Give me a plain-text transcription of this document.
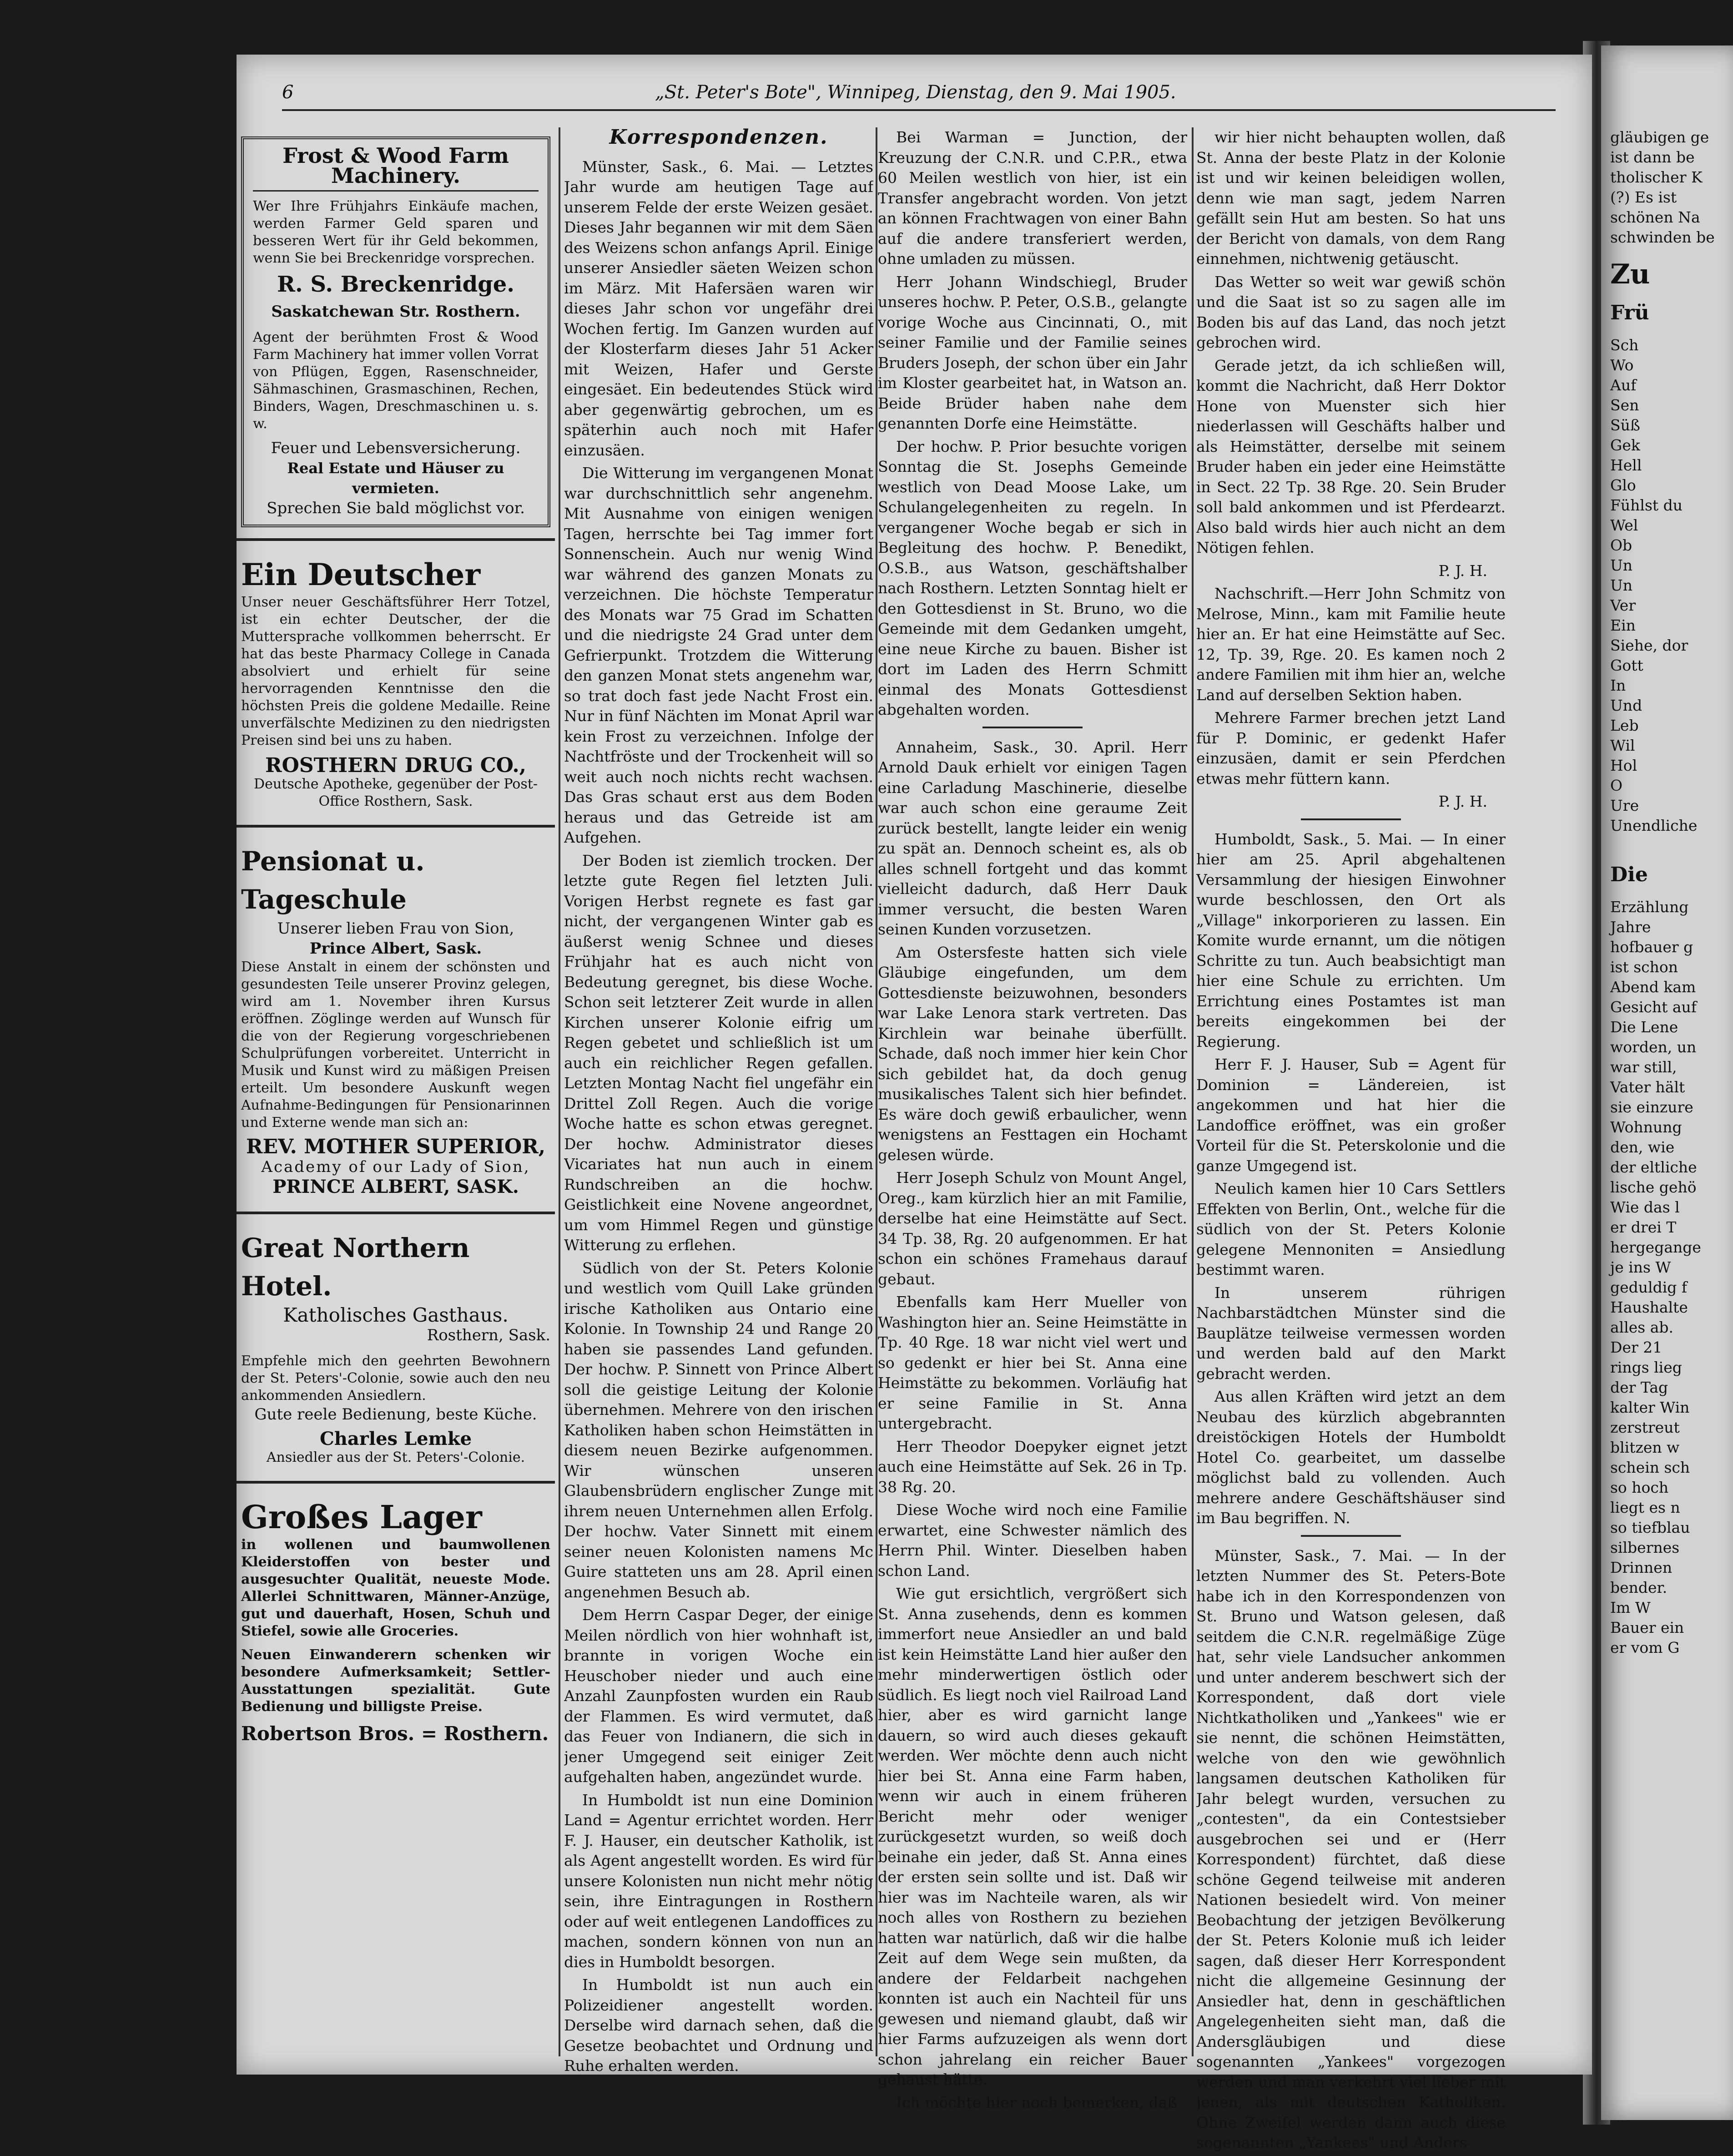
gläubigen ge
ist dann be
tholischer K
(?) Es ist
schönen Na
schwinden be
Zu
Frü
Sch
Wo
Auf
Sen
Süß
Gek
Hell
Glo
Fühlst du
Wel
Ob
Un
Un
Ver
Ein
Siehe, dor
Gott
In
Und
Leb
Wil
Hol
O
Ure
Unendliche
Die
Erzählung
Jahre
hofbauer g
ist schon
Abend kam
Gesicht auf
Die Lene
worden, un
war still,
Vater hält
sie einzure
Wohnung
den, wie
der eltliche
lische gehö
Wie das l
er drei T
hergegange
je ins W
geduldig f
Haushalte
alles ab.
Der 21
rings lieg
der Tag
kalter Win
zerstreut
blitzen w
schein sch
so hoch
liegt es n
so tiefblau
silbernes
Drinnen
bender.
Im W
Bauer ein
er vom G
6	„St. Peter's Bote", Winnipeg, Dienstag, den 9. Mai 1905.
Frost & Wood Farm Machinery.
Wer Ihre Frühjahrs Einkäufe machen, werden Farmer Geld sparen und besseren Wert für ihr Geld bekommen, wenn Sie bei Breckenridge vorsprechen.
R. S. Breckenridge.
Saskatchewan Str. Rosthern.
Agent der berühmten Frost & Wood Farm Machinery hat immer vollen Vorrat von Pflügen, Eggen, Rasenschneider, Sähmaschinen, Grasmaschinen, Rechen, Binders, Wagen, Dreschmaschinen u. s. w.
Feuer und Lebensversicherung.
Real Estate und Häuser zu vermieten.
Sprechen Sie bald möglichst vor.
Ein Deutscher
Unser neuer Geschäftsführer Herr Totzel, ist ein echter Deutscher, der die Muttersprache vollkommen beherrscht. Er hat das beste Pharmacy College in Canada absolviert und erhielt für seine hervorragenden Kenntnisse den die höchsten Preis die goldene Medaille. Reine unverfälschte Medizinen zu den niedrigsten Preisen sind bei uns zu haben.
ROSTHERN DRUG CO.,
Deutsche Apotheke, gegenüber der Post-Office Rosthern, Sask.
Pensionat u. Tageschule
Unserer lieben Frau von Sion,
Prince Albert, Sask.
Diese Anstalt in einem der schönsten und gesundesten Teile unserer Provinz gelegen, wird am 1. November ihren Kursus eröffnen. Zöglinge werden auf Wunsch für die von der Regierung vorgeschriebenen Schulprüfungen vorbereitet. Unterricht in Musik und Kunst wird zu mäßigen Preisen erteilt. Um besondere Auskunft wegen Aufnahme-Bedingungen für Pensionarinnen und Externe wende man sich an:
REV. MOTHER SUPERIOR,
Academy of our Lady of Sion,
PRINCE ALBERT, SASK.
Great Northern Hotel.
Katholisches Gasthaus.
Rosthern, Sask.
Empfehle mich den geehrten Bewohnern der St. Peters'-Colonie, sowie auch den neu ankommenden Ansiedlern.
Gute reele Bedienung, beste Küche.
Charles Lemke
Ansiedler aus der St. Peters'-Colonie.
Großes Lager
in wollenen und baumwollenen Kleiderstoffen von bester und ausgesuchter Qualität, neueste Mode. Allerlei Schnittwaren, Männer-Anzüge, gut und dauerhaft, Hosen, Schuh und Stiefel, sowie alle Groceries.
Neuen Einwanderern schenken wir besondere Aufmerksamkeit; Settler-Ausstattungen spezialität. Gute Bedienung und billigste Preise.
Robertson Bros. = Rosthern.
Korrespondenzen.

Münster, Sask., 6. Mai. — Letztes Jahr wurde am heutigen Tage auf unserem Felde der erste Weizen gesäet. Dieses Jahr begannen wir mit dem Säen des Weizens schon anfangs April. Einige unserer Ansiedler säeten Weizen schon im März. Mit Hafersäen waren wir dieses Jahr schon vor ungefähr drei Wochen fertig. Im Ganzen wurden auf der Klosterfarm dieses Jahr 51 Acker mit Weizen, Hafer und Gerste eingesäet. Ein bedeutendes Stück wird aber gegenwärtig gebrochen, um es späterhin auch noch mit Hafer einzusäen.

Die Witterung im vergangenen Monat war durchschnittlich sehr angenehm. Mit Ausnahme von einigen wenigen Tagen, herrschte bei Tag immer fort Sonnenschein. Auch nur wenig Wind war während des ganzen Monats zu verzeichnen. Die höchste Temperatur des Monats war 75 Grad im Schatten und die niedrigste 24 Grad unter dem Gefrierpunkt. Trotzdem die Witterung den ganzen Monat stets angenehm war, so trat doch fast jede Nacht Frost ein. Nur in fünf Nächten im Monat April war kein Frost zu verzeichnen. Infolge der Nachtfröste und der Trockenheit will so weit auch noch nichts recht wachsen. Das Gras schaut erst aus dem Boden heraus und das Getreide ist am Aufgehen.

Der Boden ist ziemlich trocken. Der letzte gute Regen fiel letzten Juli. Vorigen Herbst regnete es fast gar nicht, der vergangenen Winter gab es äußerst wenig Schnee und dieses Frühjahr hat es auch nicht von Bedeutung geregnet, bis diese Woche. Schon seit letzterer Zeit wurde in allen Kirchen unserer Kolonie eifrig um Regen gebetet und schließlich ist um auch ein reichlicher Regen gefallen. Letzten Montag Nacht fiel ungefähr ein Drittel Zoll Regen. Auch die vorige Woche hatte es schon etwas geregnet. Der hochw. Administrator dieses Vicariates hat nun auch in einem Rundschreiben an die hochw. Geistlichkeit eine Novene angeordnet, um vom Himmel Regen und günstige Witterung zu erflehen.

Südlich von der St. Peters Kolonie und westlich vom Quill Lake gründen irische Katholiken aus Ontario eine Kolonie. In Township 24 und Range 20 haben sie passendes Land gefunden. Der hochw. P. Sinnett von Prince Albert soll die geistige Leitung der Kolonie übernehmen. Mehrere von den irischen Katholiken haben schon Heimstätten in diesem neuen Bezirke aufgenommen. Wir wünschen unseren Glaubensbrüdern englischer Zunge mit ihrem neuen Unternehmen allen Erfolg. Der hochw. Vater Sinnett mit einem seiner neuen Kolonisten namens Mc Guire statteten uns am 28. April einen angenehmen Besuch ab.

Dem Herrn Caspar Deger, der einige Meilen nördlich von hier wohnhaft ist, brannte in vorigen Woche ein Heuschober nieder und auch eine Anzahl Zaunpfosten wurden ein Raub der Flammen. Es wird vermutet, daß das Feuer von Indianern, die sich in jener Umgegend seit einiger Zeit aufgehalten haben, angezündet wurde.

In Humboldt ist nun eine Dominion Land = Agentur errichtet worden. Herr F. J. Hauser, ein deutscher Katholik, ist als Agent angestellt worden. Es wird für unsere Kolonisten nun nicht mehr nötig sein, ihre Eintragungen in Rosthern oder auf weit entlegenen Landoffices zu machen, sondern können von nun an dies in Humboldt besorgen.

In Humboldt ist nun auch ein Polizeidiener angestellt worden. Derselbe wird darnach sehen, daß die Gesetze beobachtet und Ordnung und Ruhe erhalten werden.

Bei Warman = Junction, der Kreuzung der C.N.R. und C.P.R., etwa 60 Meilen westlich von hier, ist ein Transfer angebracht worden. Von jetzt an können Frachtwagen von einer Bahn auf die andere transferiert werden, ohne umladen zu müssen.

Herr Johann Windschiegl, Bruder unseres hochw. P. Peter, O.S.B., gelangte vorige Woche aus Cincinnati, O., mit seiner Familie und der Familie seines Bruders Joseph, der schon über ein Jahr im Kloster gearbeitet hat, in Watson an. Beide Brüder haben nahe dem genannten Dorfe eine Heimstätte.

Der hochw. P. Prior besuchte vorigen Sonntag die St. Josephs Gemeinde westlich von Dead Moose Lake, um Schulangelegenheiten zu regeln. In vergangener Woche begab er sich in Begleitung des hochw. P. Benedikt, O.S.B., aus Watson, geschäftshalber nach Rosthern. Letzten Sonntag hielt er den Gottesdienst in St. Bruno, wo die Gemeinde mit dem Gedanken umgeht, eine neue Kirche zu bauen. Bisher ist dort im Laden des Herrn Schmitt einmal des Monats Gottesdienst abgehalten worden.

Annaheim, Sask., 30. April. Herr Arnold Dauk erhielt vor einigen Tagen eine Carladung Maschinerie, dieselbe war auch schon eine geraume Zeit zurück bestellt, langte leider ein wenig zu spät an. Dennoch scheint es, als ob alles schnell fortgeht und das kommt vielleicht dadurch, daß Herr Dauk immer versucht, die besten Waren seinen Kunden vorzusetzen.

Am Ostersfeste hatten sich viele Gläubige eingefunden, um dem Gottesdienste beizuwohnen, besonders war Lake Lenora stark vertreten. Das Kirchlein war beinahe überfüllt. Schade, daß noch immer hier kein Chor sich gebildet hat, da doch genug musikalisches Talent sich hier befindet. Es wäre doch gewiß erbaulicher, wenn wenigstens an Festtagen ein Hochamt gelesen würde.

Herr Joseph Schulz von Mount Angel, Oreg., kam kürzlich hier an mit Familie, derselbe hat eine Heimstätte auf Sect. 34 Tp. 38, Rg. 20 aufgenommen. Er hat schon ein schönes Framehaus darauf gebaut.

Ebenfalls kam Herr Mueller von Washington hier an. Seine Heimstätte in Tp. 40 Rge. 18 war nicht viel wert und so gedenkt er hier bei St. Anna eine Heimstätte zu bekommen. Vorläufig hat er seine Familie in St. Anna untergebracht.

Herr Theodor Doepyker eignet jetzt auch eine Heimstätte auf Sek. 26 in Tp. 38 Rg. 20.

Diese Woche wird noch eine Familie erwartet, eine Schwester nämlich des Herrn Phil. Winter. Dieselben haben schon Land.

Wie gut ersichtlich, vergrößert sich St. Anna zusehends, denn es kommen immerfort neue Ansiedler an und bald ist kein Heimstätte Land hier außer den mehr minderwertigen östlich oder südlich. Es liegt noch viel Railroad Land hier, aber es wird garnicht lange dauern, so wird auch dieses gekauft werden. Wer möchte denn auch nicht hier bei St. Anna eine Farm haben, wenn wir auch in einem früheren Bericht mehr oder weniger zurückgesetzt wurden, so weiß doch beinahe ein jeder, daß St. Anna eines der ersten sein sollte und ist. Daß wir hier was im Nachteile waren, als wir noch alles von Rosthern zu beziehen hatten war natürlich, daß wir die halbe Zeit auf dem Wege sein mußten, da andere der Feldarbeit nachgehen konnten ist auch ein Nachteil für uns gewesen und niemand glaubt, daß wir hier Farms aufzuzeigen als wenn dort schon jahrelang ein reicher Bauer gehaust hätte.

Ich möchte hier noch bemerken, daß

wir hier nicht behaupten wollen, daß St. Anna der beste Platz in der Kolonie ist und wir keinen beleidigen wollen, denn wie man sagt, jedem Narren gefällt sein Hut am besten. So hat uns der Bericht von damals, von dem Rang einnehmen, nichtwenig getäuscht.

Das Wetter so weit war gewiß schön und die Saat ist so zu sagen alle im Boden bis auf das Land, das noch jetzt gebrochen wird.

Gerade jetzt, da ich schließen will, kommt die Nachricht, daß Herr Doktor Hone von Muenster sich hier niederlassen will Geschäfts halber und als Heimstätter, derselbe mit seinem Bruder haben ein jeder eine Heimstätte in Sect. 22 Tp. 38 Rge. 20. Sein Bruder soll bald ankommen und ist Pferdearzt. Also bald wirds hier auch nicht an dem Nötigen fehlen.

P. J. H.

Nachschrift.—Herr John Schmitz von Melrose, Minn., kam mit Familie heute hier an. Er hat eine Heimstätte auf Sec. 12, Tp. 39, Rge. 20. Es kamen noch 2 andere Familien mit ihm hier an, welche Land auf derselben Sektion haben.

Mehrere Farmer brechen jetzt Land für P. Dominic, er gedenkt Hafer einzusäen, damit er sein Pferdchen etwas mehr füttern kann.

P. J. H.

Humboldt, Sask., 5. Mai. — In einer hier am 25. April abgehaltenen Versammlung der hiesigen Einwohner wurde beschlossen, den Ort als „Village" inkorporieren zu lassen. Ein Komite wurde ernannt, um die nötigen Schritte zu tun. Auch beabsichtigt man hier eine Schule zu errichten. Um Errichtung eines Postamtes ist man bereits eingekommen bei der Regierung.

Herr F. J. Hauser, Sub = Agent für Dominion = Ländereien, ist angekommen und hat hier die Landoffice eröffnet, was ein großer Vorteil für die St. Peterskolonie und die ganze Umgegend ist.

Neulich kamen hier 10 Cars Settlers Effekten von Berlin, Ont., welche für die südlich von der St. Peters Kolonie gelegene Mennoniten = Ansiedlung bestimmt waren.

In unserem rührigen Nachbarstädtchen Münster sind die Bauplätze teilweise vermessen worden und werden bald auf den Markt gebracht werden.

Aus allen Kräften wird jetzt an dem Neubau des kürzlich abgebrannten dreistöckigen Hotels der Humboldt Hotel Co. gearbeitet, um dasselbe möglichst bald zu vollenden. Auch mehrere andere Geschäftshäuser sind im Bau begriffen. N.

Münster, Sask., 7. Mai. — In der letzten Nummer des St. Peters-Bote habe ich in den Korrespondenzen von St. Bruno und Watson gelesen, daß seitdem die C.N.R. regelmäßige Züge hat, sehr viele Landsucher ankommen und unter anderem beschwert sich der Korrespondent, daß dort viele Nichtkatholiken und „Yankees" wie er sie nennt, die schönen Heimstätten, welche von den wie gewöhnlich langsamen deutschen Katholiken für Jahr belegt wurden, versuchen zu „contesten", da ein Contestsieber ausgebrochen sei und er (Herr Korrespondent) fürchtet, daß diese schöne Gegend teilweise mit anderen Nationen besiedelt wird. Von meiner Beobachtung der jetzigen Bevölkerung der St. Peters Kolonie muß ich leider sagen, daß dieser Herr Korrespondent nicht die allgemeine Gesinnung der Ansiedler hat, denn in geschäftlichen Angelegenheiten sieht man, daß die Andersgläubigen und diese sogenannten „Yankees" vorgezogen werden und man verkehrt viel lieber mit jenen, als mit deutschen Katholiken. Ohne Zweifel werden dann auch diese sogenannten „Yankees" und Anders-
